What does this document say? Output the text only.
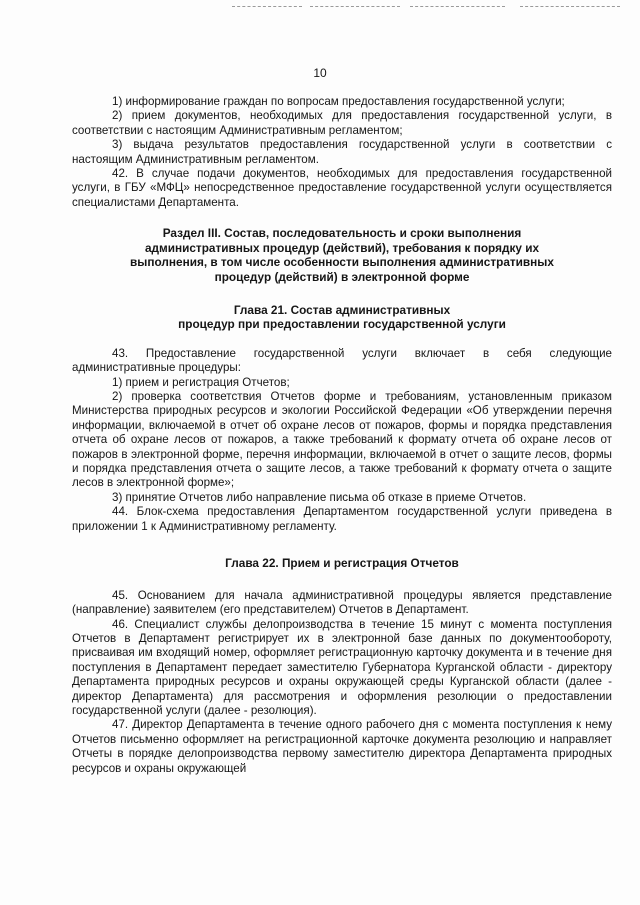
10

1) информирование граждан по вопросам предоставления государственной услуги;

2) прием документов, необходимых для предоставления государственной услуги, в соответствии с настоящим Административным регламентом;

3) выдача результатов предоставления государственной услуги в соответствии с настоящим Административным регламентом.

42. В случае подачи документов, необходимых для предоставления государственной услуги, в ГБУ «МФЦ» непосредственное предоставление государственной услуги осуществляется специалистами Департамента.

Раздел III. Состав, последовательность и сроки выполнения
административных процедур (действий), требования к порядку их
выполнения, в том числе особенности выполнения административных
процедур (действий) в электронной форме
Глава 21. Состав административных
процедур при предоставлении государственной услуги

43. Предоставление государственной услуги включает в себя следующие административные процедуры:

1) прием и регистрация Отчетов;

2) проверка соответствия Отчетов форме и требованиям, установленным приказом Министерства природных ресурсов и экологии Российской Федерации «Об утверждении перечня информации, включаемой в отчет об охране лесов от пожаров, формы и порядка представления отчета об охране лесов от пожаров, а также требований к формату отчета об охране лесов от пожаров в электронной форме, перечня информации, включаемой в отчет о защите лесов, формы и порядка представления отчета о защите лесов, а также требований к формату отчета о защите лесов в электронной форме»;

3) принятие Отчетов либо направление письма об отказе в приеме Отчетов.

44. Блок-схема предоставления Департаментом государственной услуги приведена в приложении 1 к Административному регламенту.

Глава 22. Прием и регистрация Отчетов

45. Основанием для начала административной процедуры является представление (направление) заявителем (его представителем) Отчетов в Департамент.

46. Специалист службы делопроизводства в течение 15 минут с момента поступления Отчетов в Департамент регистрирует их в электронной базе данных по документообороту, присваивая им входящий номер, оформляет регистрационную карточку документа и в течение дня поступления в Департамент передает заместителю Губернатора Курганской области - директору Департамента природных ресурсов и охраны окружающей среды Курганской области (далее - директор Департамента) для рассмотрения и оформления резолюции о предоставлении государственной услуги (далее - резолюция).

47. Директор Департамента в течение одного рабочего дня с момента поступления к нему Отчетов письменно оформляет на регистрационной карточке документа резолюцию и направляет Отчеты в порядке делопроизводства первому заместителю директора Департамента природных ресурсов и охраны окружающей
